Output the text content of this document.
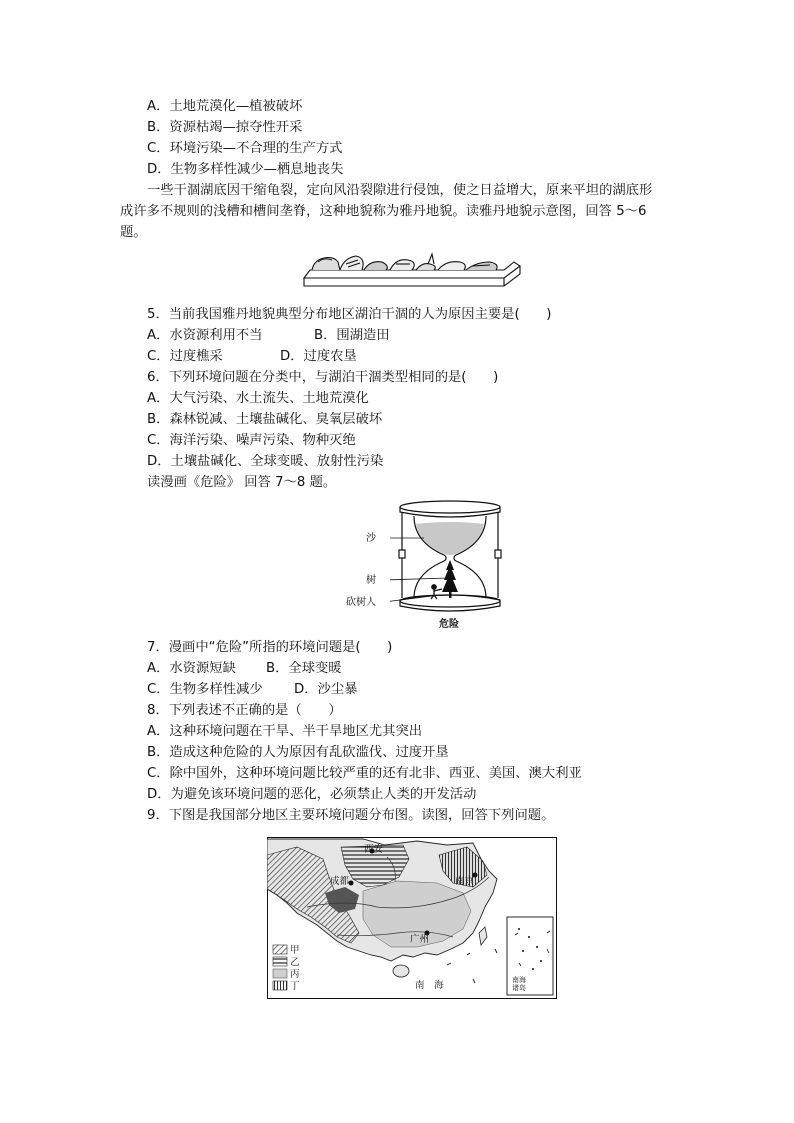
A．土地荒漠化—植被破坏
B．资源枯竭—掠夺性开采
C．环境污染—不合理的生产方式
D．生物多样性减少—栖息地丧失
一些干涸湖底因干缩龟裂，定向风沿裂隙进行侵蚀，使之日益增大，原来平坦的湖底形
成许多不规则的浅槽和槽间垄脊，这种地貌称为雅丹地貌。读雅丹地貌示意图，回答 5～6
题。
5．当前我国雅丹地貌典型分布地区湖泊干涸的人为原因主要是(　　)
A．水资源利用不当	B．围湖造田
C．过度樵采	D．过度农垦
6．下列环境问题在分类中，与湖泊干涸类型相同的是(　　)
A．大气污染、水土流失、土地荒漠化
B．森林锐减、土壤盐碱化、臭氧层破坏
C．海洋污染、噪声污染、物种灭绝
D．土壤盐碱化、全球变暖、放射性污染
读漫画《危险》 回答 7～8 题。
沙
树
砍树人
危险
7．漫画中“危险”所指的环境问题是(　　)
A．水资源短缺 B．全球变暖
C．生物多样性减少 D．沙尘暴
8．下列表述不正确的是（　　）
A．这种环境问题在干旱、半干旱地区尤其突出
B．造成这种危险的人为原因有乱砍滥伐、过度开垦
C．除中国外，这种环境问题比较严重的还有北非、西亚、美国、澳大利亚
D．为避免该环境问题的恶化，必须禁止人类的开发活动
9．下图是我国部分地区主要环境问题分布图。读图，回答下列问题。
西安
成都	南京
广州
南　海	南海
诸岛
甲
乙
丙
丁
